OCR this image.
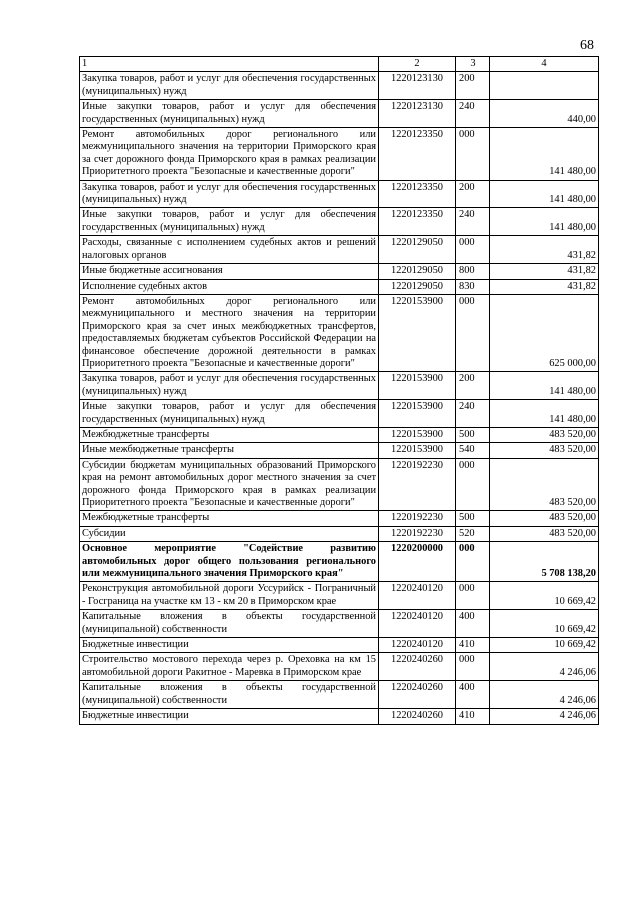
68
1	2	3	4
Закупка товаров, работ и услуг для обеспечения государственных (муниципальных) нужд	1220123130	200	
Иные закупки товаров, работ и услуг для обеспечения государственных (муниципальных) нужд	1220123130	240	440,00
Ремонт автомобильных дорог регионального или межмуниципального значения на территории Приморского края за счет дорожного фонда Приморского края в рамках реализации Приоритетного проекта "Безопасные и качественные дороги"	1220123350	000	141 480,00
Закупка товаров, работ и услуг для обеспечения государственных (муниципальных) нужд	1220123350	200	141 480,00
Иные закупки товаров, работ и услуг для обеспечения государственных (муниципальных) нужд	1220123350	240	141 480,00
Расходы, связанные с исполнением судебных актов и решений налоговых органов	1220129050	000	431,82
Иные бюджетные ассигнования	1220129050	800	431,82
Исполнение судебных актов	1220129050	830	431,82
Ремонт автомобильных дорог регионального или межмуниципального и местного значения на территории Приморского края за счет иных межбюджетных трансфертов, предоставляемых бюджетам субъектов Российской Федерации на финансовое обеспечение дорожной деятельности в рамках Приоритетного проекта "Безопасные и качественные дороги"	1220153900	000	625 000,00
Закупка товаров, работ и услуг для обеспечения государственных (муниципальных) нужд	1220153900	200	141 480,00
Иные закупки товаров, работ и услуг для обеспечения государственных (муниципальных) нужд	1220153900	240	141 480,00
Межбюджетные трансферты	1220153900	500	483 520,00
Иные межбюджетные трансферты	1220153900	540	483 520,00
Субсидии бюджетам муниципальных образований Приморского края на ремонт автомобильных дорог местного значения за счет дорожного фонда Приморского края в рамках реализации Приоритетного проекта "Безопасные и качественные дороги"	1220192230	000	483 520,00
Межбюджетные трансферты	1220192230	500	483 520,00
Субсидии	1220192230	520	483 520,00
Основное мероприятие "Содействие развитию автомобильных дорог общего пользования регионального или межмуниципального значения Приморского края"	1220200000	000	5 708 138,20
Реконструкция автомобильной дороги Уссурийск - Пограничный - Госграница на участке км 13 - км 20 в Приморском крае	1220240120	000	10 669,42
Капитальные вложения в объекты государственной (муниципальной) собственности	1220240120	400	10 669,42
Бюджетные инвестиции	1220240120	410	10 669,42
Строительство мостового перехода через р. Ореховка на км 15 автомобильной дороги Ракитное - Маревка в Приморском крае	1220240260	000	4 246,06
Капитальные вложения в объекты государственной (муниципальной) собственности	1220240260	400	4 246,06
Бюджетные инвестиции	1220240260	410	4 246,06
